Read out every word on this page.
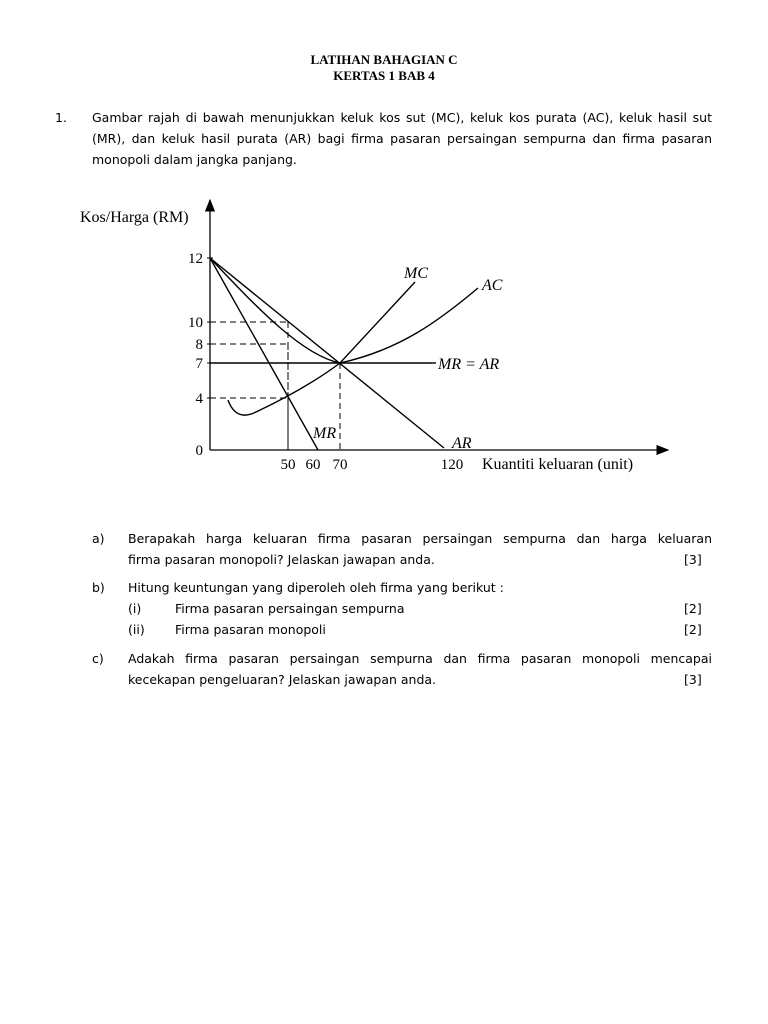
LATIHAN BAHAGIAN C
KERTAS 1 BAB 4
1. Gambar rajah di bawah menunjukkan keluk kos sut (MC), keluk kos purata (AC), keluk hasil sut (MR), dan keluk hasil purata (AR) bagi firma pasaran persaingan sempurna dan firma pasaran monopoli dalam jangka panjang.
Kos/Harga (RM)
Kuantiti keluaran (unit)
12
10
8
7
4
0
50 60 70	120
AR
MR
MR = AR
MC
AC
a) Berapakah harga keluaran firma pasaran persaingan sempurna dan harga keluaran
firma pasaran monopoli? Jelaskan jawapan anda.	[3]
b) Hitung keuntungan yang diperoleh oleh firma yang berikut :
(i)	Firma pasaran persaingan sempurna	[2]
(ii) Firma pasaran monopoli	[2]
c) Adakah firma pasaran persaingan sempurna dan firma pasaran monopoli mencapai
kecekapan pengeluaran? Jelaskan jawapan anda.	[3]
